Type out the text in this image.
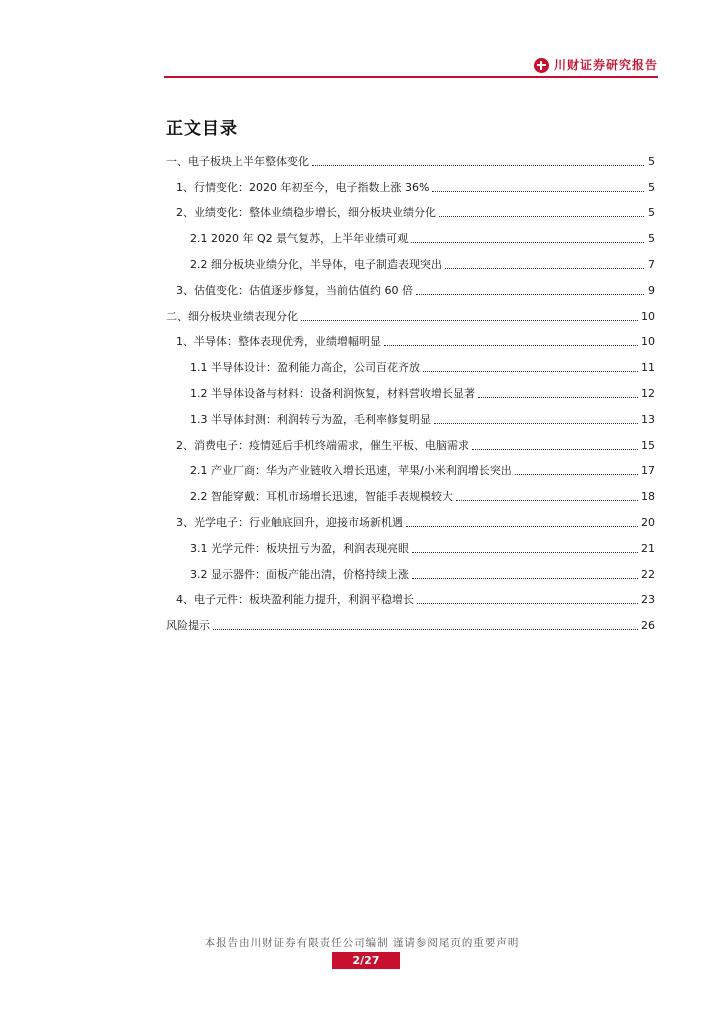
川财证券研究报告
正文目录
一、电子板块上半年整体变化	5
1、行情变化：2020 年初至今，电子指数上涨 36%	5
2、业绩变化：整体业绩稳步增长，细分板块业绩分化	5
2.1 2020 年 Q2 景气复苏，上半年业绩可观	5
2.2 细分板块业绩分化，半导体，电子制造表现突出	7
3、估值变化：估值逐步修复，当前估值约 60 倍	9
二、细分板块业绩表现分化	10
1、半导体：整体表现优秀，业绩增幅明显	10
1.1 半导体设计：盈利能力高企，公司百花齐放	11
1.2 半导体设备与材料：设备利润恢复，材料营收增长显著	12
1.3 半导体封测：利润转亏为盈，毛利率修复明显	13
2、消费电子：疫情延后手机终端需求，催生平板、电脑需求	15
2.1 产业厂商：华为产业链收入增长迅速，苹果/小米利润增长突出	17
2.2 智能穿戴：耳机市场增长迅速，智能手表规模较大	18
3、光学电子：行业触底回升，迎接市场新机遇	20
3.1 光学元件：板块扭亏为盈，利润表现亮眼	21
3.2 显示器件：面板产能出清，价格持续上涨	22
4、电子元件：板块盈利能力提升，利润平稳增长	23
风险提示	26
本报告由川财证券有限责任公司编制 谨请参阅尾页的重要声明
2/27
